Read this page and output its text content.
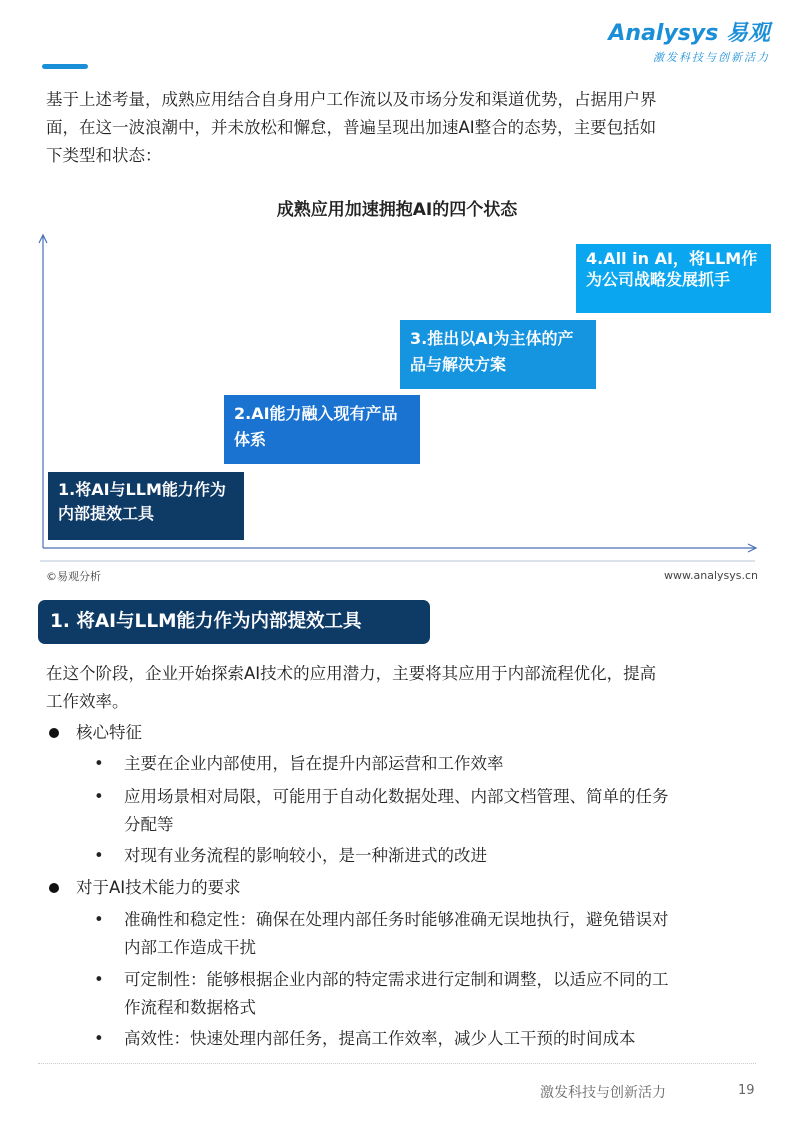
Analysys 易观
激发科技与创新活力
基于上述考量，成熟应用结合自身用户工作流以及市场分发和渠道优势，占据用户界
面，在这一波浪潮中，并未放松和懈怠，普遍呈现出加速AI整合的态势，主要包括如
下类型和状态：
成熟应用加速拥抱AI的四个状态
1.将AI与LLM能力作为内部提效工具
2.AI能力融入现有产品体系
3.推出以AI为主体的产品与解决方案
4.All in AI，将LLM作为公司战略发展抓手
©易观分析	www.analysys.cn
1. 将AI与LLM能力作为内部提效工具
在这个阶段，企业开始探索AI技术的应用潜力，主要将其应用于内部流程优化，提高
工作效率。
核心特征
• 主要在企业内部使用，旨在提升内部运营和工作效率
• 应用场景相对局限，可能用于自动化数据处理、内部文档管理、简单的任务
分配等
• 对现有业务流程的影响较小，是一种渐进式的改进
对于AI技术能力的要求
• 准确性和稳定性：确保在处理内部任务时能够准确无误地执行，避免错误对
内部工作造成干扰
• 可定制性：能够根据企业内部的特定需求进行定制和调整，以适应不同的工
作流程和数据格式
• 高效性：快速处理内部任务，提高工作效率，减少人工干预的时间成本
激发科技与创新活力	19
